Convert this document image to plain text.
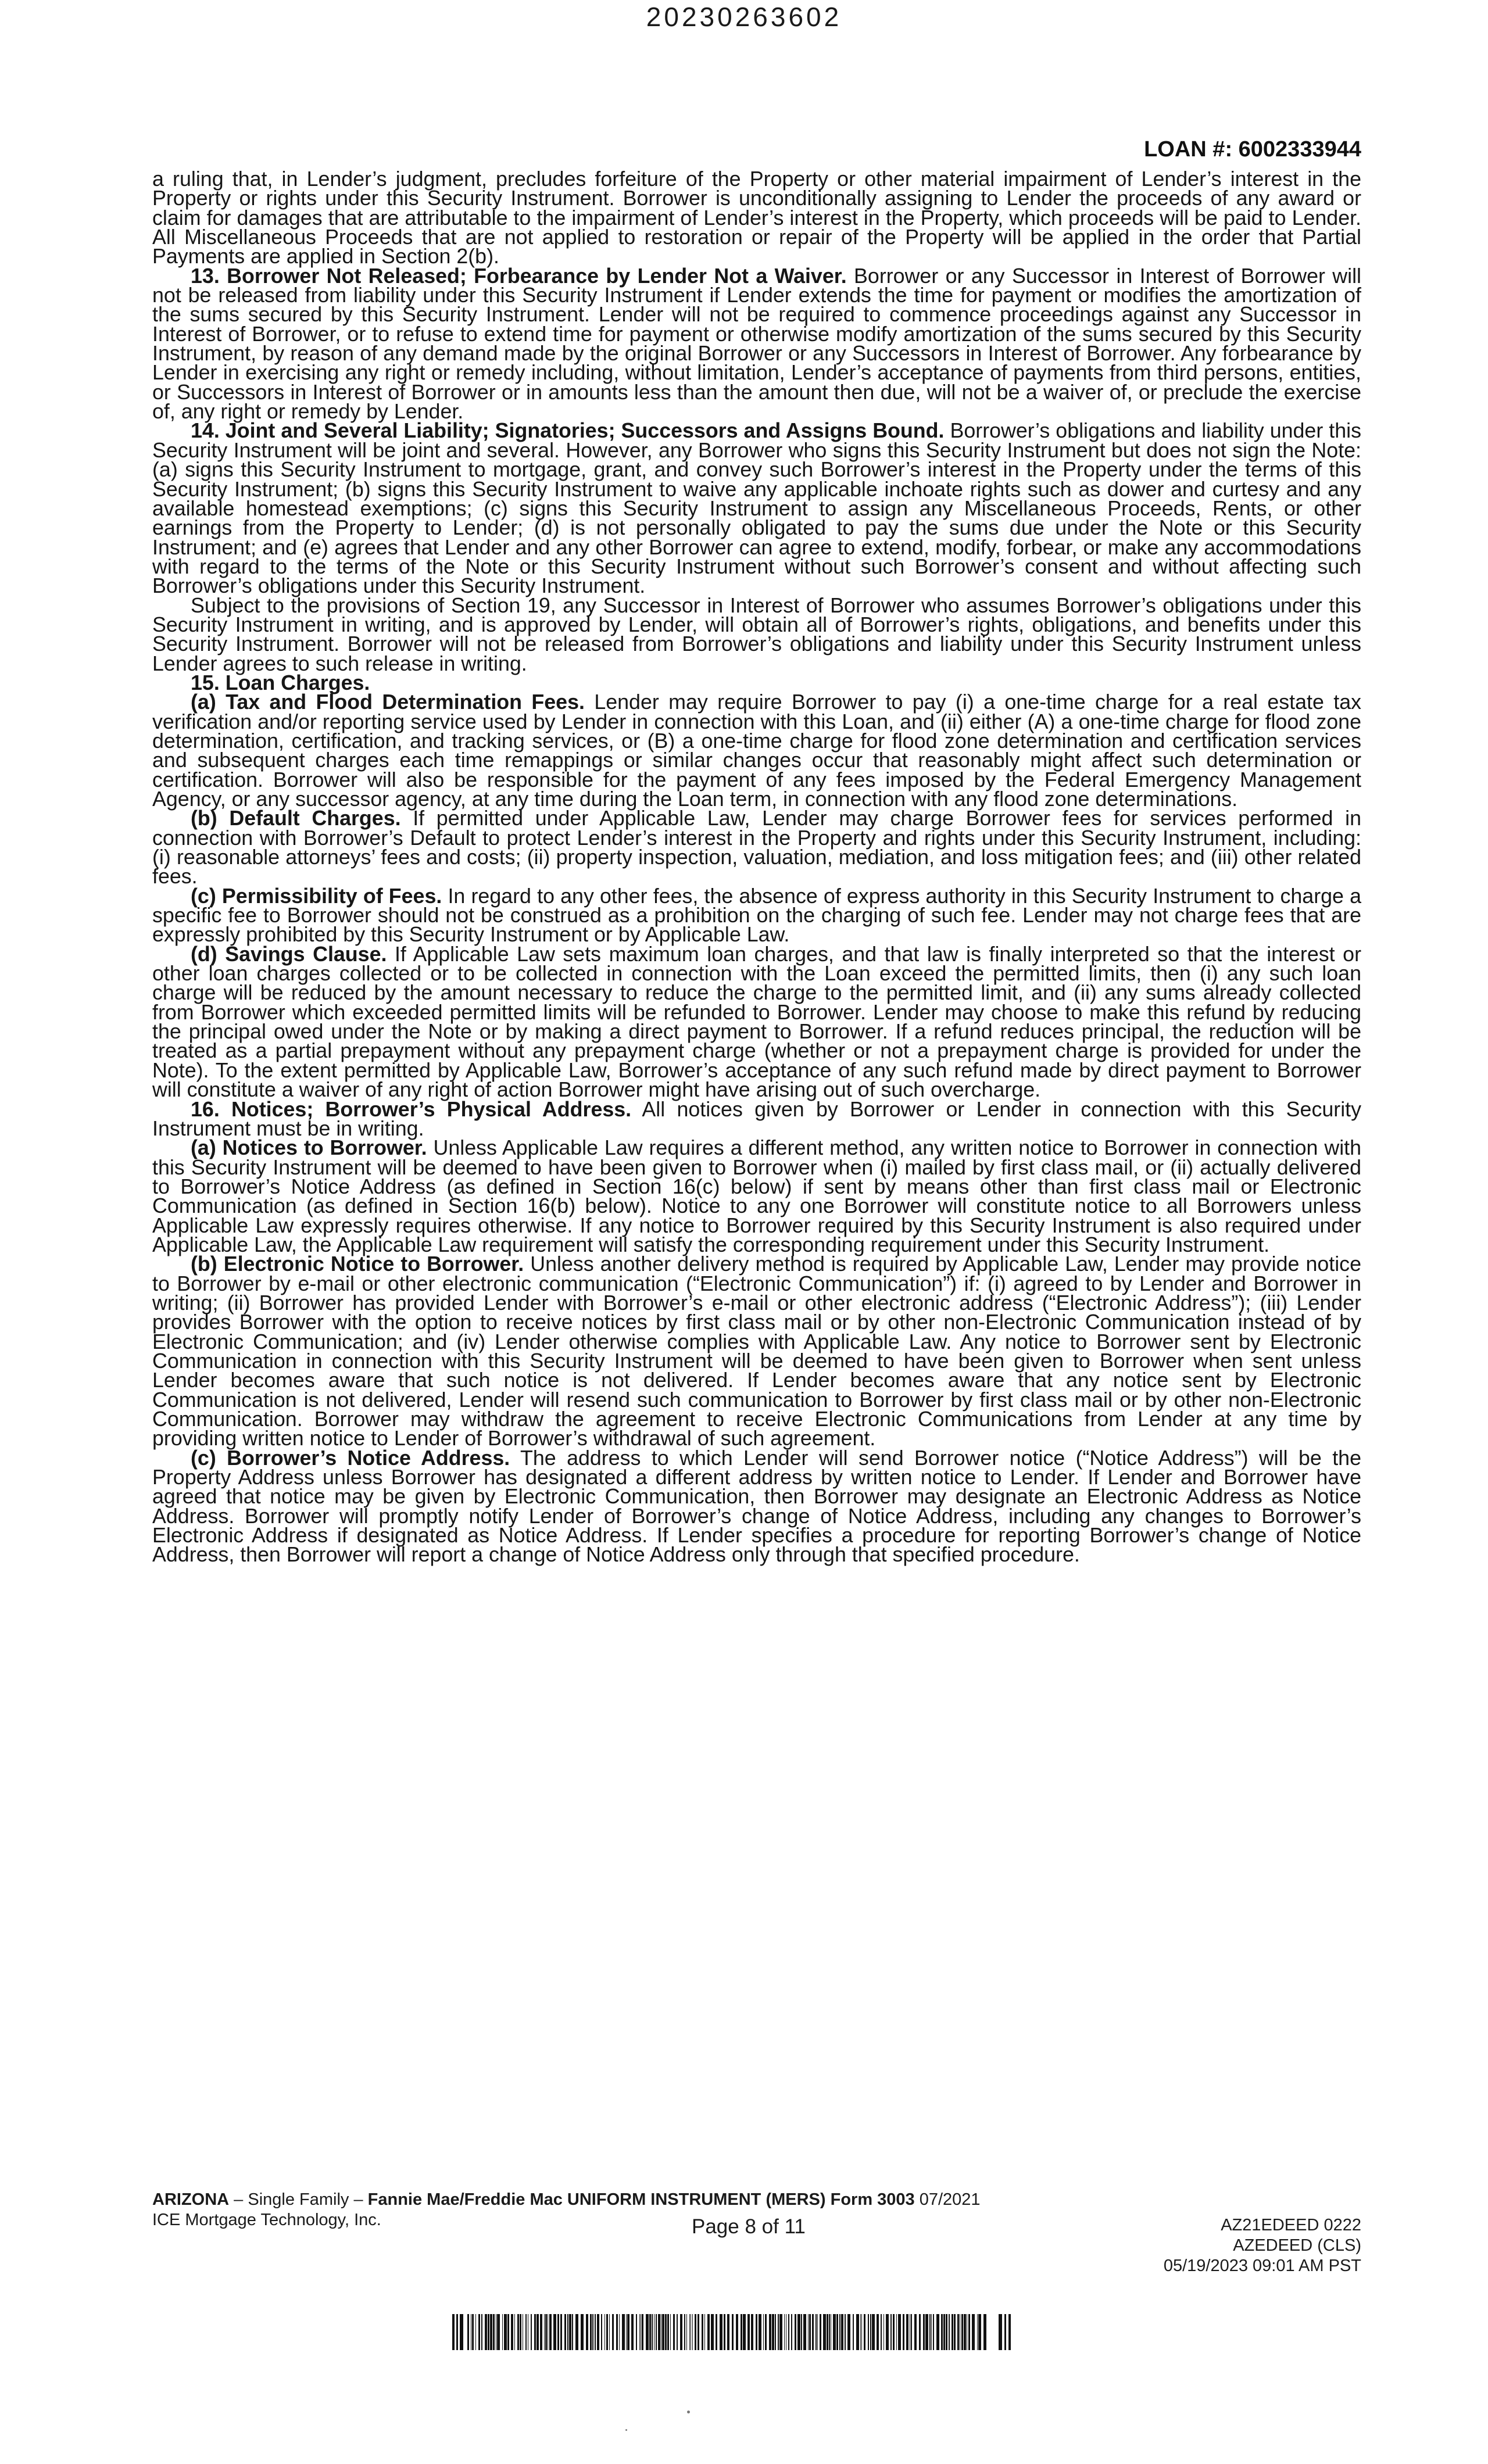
20230263602
LOAN #: 6002333944

a ruling that, in Lender’s judgment, precludes forfeiture of the Property or other material impairment of Lender’s interest in the Property or rights under this Security Instrument. Borrower is unconditionally assigning to Lender the proceeds of any award or claim for damages that are attributable to the impairment of Lender’s interest in the Property, which proceeds will be paid to Lender. All Miscellaneous Proceeds that are not applied to restoration or repair of the Property will be applied in the order that Partial Payments are applied in Section 2(b).

13. Borrower Not Released; Forbearance by Lender Not a Waiver. Borrower or any Successor in Interest of Borrower will not be released from liability under this Security Instrument if Lender extends the time for payment or modifies the amortization of the sums secured by this Security Instrument. Lender will not be required to commence proceedings against any Successor in Interest of Borrower, or to refuse to extend time for payment or otherwise modify amortization of the sums secured by this Security Instrument, by reason of any demand made by the original Borrower or any Successors in Interest of Borrower. Any forbearance by Lender in exercising any right or remedy including, without limitation, Lender’s acceptance of payments from third persons, entities, or Successors in Interest of Borrower or in amounts less than the amount then due, will not be a waiver of, or preclude the exercise of, any right or remedy by Lender.

14. Joint and Several Liability; Signatories; Successors and Assigns Bound. Borrower’s obligations and liability under this Security Instrument will be joint and several. However, any Borrower who signs this Security Instrument but does not sign the Note: (a) signs this Security Instrument to mortgage, grant, and convey such Borrower’s interest in the Property under the terms of this Security Instrument; (b) signs this Security Instrument to waive any applicable inchoate rights such as dower and curtesy and any available homestead exemptions; (c) signs this Security Instrument to assign any Miscellaneous Proceeds, Rents, or other earnings from the Property to Lender; (d) is not personally obligated to pay the sums due under the Note or this Security Instrument; and (e) agrees that Lender and any other Borrower can agree to extend, modify, forbear, or make any accommodations with regard to the terms of the Note or this Security Instrument without such Borrower’s consent and without affecting such Borrower’s obligations under this Security Instrument.

Subject to the provisions of Section 19, any Successor in Interest of Borrower who assumes Borrower’s obligations under this Security Instrument in writing, and is approved by Lender, will obtain all of Borrower’s rights, obligations, and benefits under this Security Instrument. Borrower will not be released from Borrower’s obligations and liability under this Security Instrument unless Lender agrees to such release in writing.

15. Loan Charges.

(a) Tax and Flood Determination Fees. Lender may require Borrower to pay (i) a one-time charge for a real estate tax verification and/or reporting service used by Lender in connection with this Loan, and (ii) either (A) a one-time charge for flood zone determination, certification, and tracking services, or (B) a one-time charge for flood zone determination and certification services and subsequent charges each time remappings or similar changes occur that reasonably might affect such determination or certification. Borrower will also be responsible for the payment of any fees imposed by the Federal Emergency Management Agency, or any successor agency, at any time during the Loan term, in connection with any flood zone determinations.

(b) Default Charges. If permitted under Applicable Law, Lender may charge Borrower fees for services performed in connection with Borrower’s Default to protect Lender’s interest in the Property and rights under this Security Instrument, including: (i) reasonable attorneys’ fees and costs; (ii) property inspection, valuation, mediation, and loss mitigation fees; and (iii) other related fees.

(c) Permissibility of Fees. In regard to any other fees, the absence of express authority in this Security Instrument to charge a specific fee to Borrower should not be construed as a prohibition on the charging of such fee. Lender may not charge fees that are expressly prohibited by this Security Instrument or by Applicable Law.

(d) Savings Clause. If Applicable Law sets maximum loan charges, and that law is finally interpreted so that the interest or other loan charges collected or to be collected in connection with the Loan exceed the permitted limits, then (i) any such loan charge will be reduced by the amount necessary to reduce the charge to the permitted limit, and (ii) any sums already collected from Borrower which exceeded permitted limits will be refunded to Borrower. Lender may choose to make this refund by reducing the principal owed under the Note or by making a direct payment to Borrower. If a refund reduces principal, the reduction will be treated as a partial prepayment without any prepayment charge (whether or not a prepayment charge is provided for under the Note). To the extent permitted by Applicable Law, Borrower’s acceptance of any such refund made by direct payment to Borrower will constitute a waiver of any right of action Borrower might have arising out of such overcharge.

16. Notices; Borrower’s Physical Address. All notices given by Borrower or Lender in connection with this Security Instrument must be in writing.

(a) Notices to Borrower. Unless Applicable Law requires a different method, any written notice to Borrower in connection with this Security Instrument will be deemed to have been given to Borrower when (i) mailed by first class mail, or (ii) actually delivered to Borrower’s Notice Address (as defined in Section 16(c) below) if sent by means other than first class mail or Electronic Communication (as defined in Section 16(b) below). Notice to any one Borrower will constitute notice to all Borrowers unless Applicable Law expressly requires otherwise. If any notice to Borrower required by this Security Instrument is also required under Applicable Law, the Applicable Law requirement will satisfy the corresponding requirement under this Security Instrument.

(b) Electronic Notice to Borrower. Unless another delivery method is required by Applicable Law, Lender may provide notice to Borrower by e-mail or other electronic communication (“Electronic Communication”) if: (i) agreed to by Lender and Borrower in writing; (ii) Borrower has provided Lender with Borrower’s e-mail or other electronic address (“Electronic Address”); (iii) Lender provides Borrower with the option to receive notices by first class mail or by other non-Electronic Communication instead of by Electronic Communication; and (iv) Lender otherwise complies with Applicable Law. Any notice to Borrower sent by Electronic Communication in connection with this Security Instrument will be deemed to have been given to Borrower when sent unless Lender becomes aware that such notice is not delivered. If Lender becomes aware that any notice sent by Electronic Communication is not delivered, Lender will resend such communication to Borrower by first class mail or by other non-Electronic Communication. Borrower may withdraw the agreement to receive Electronic Communications from Lender at any time by providing written notice to Lender of Borrower’s withdrawal of such agreement.

(c) Borrower’s Notice Address. The address to which Lender will send Borrower notice (“Notice Address”) will be the Property Address unless Borrower has designated a different address by written notice to Lender. If Lender and Borrower have agreed that notice may be given by Electronic Communication, then Borrower may designate an Electronic Address as Notice Address. Borrower will promptly notify Lender of Borrower’s change of Notice Address, including any changes to Borrower’s Electronic Address if designated as Notice Address. If Lender specifies a procedure for reporting Borrower’s change of Notice Address, then Borrower will report a change of Notice Address only through that specified procedure.

ARIZONA – Single Family – Fannie Mae/Freddie Mac UNIFORM INSTRUMENT (MERS) Form 3003 07/2021
ICE Mortgage Technology, Inc.	Page 8 of 11	AZ21EDEED 0222
AZEDEED (CLS)
05/19/2023 09:01 AM PST
